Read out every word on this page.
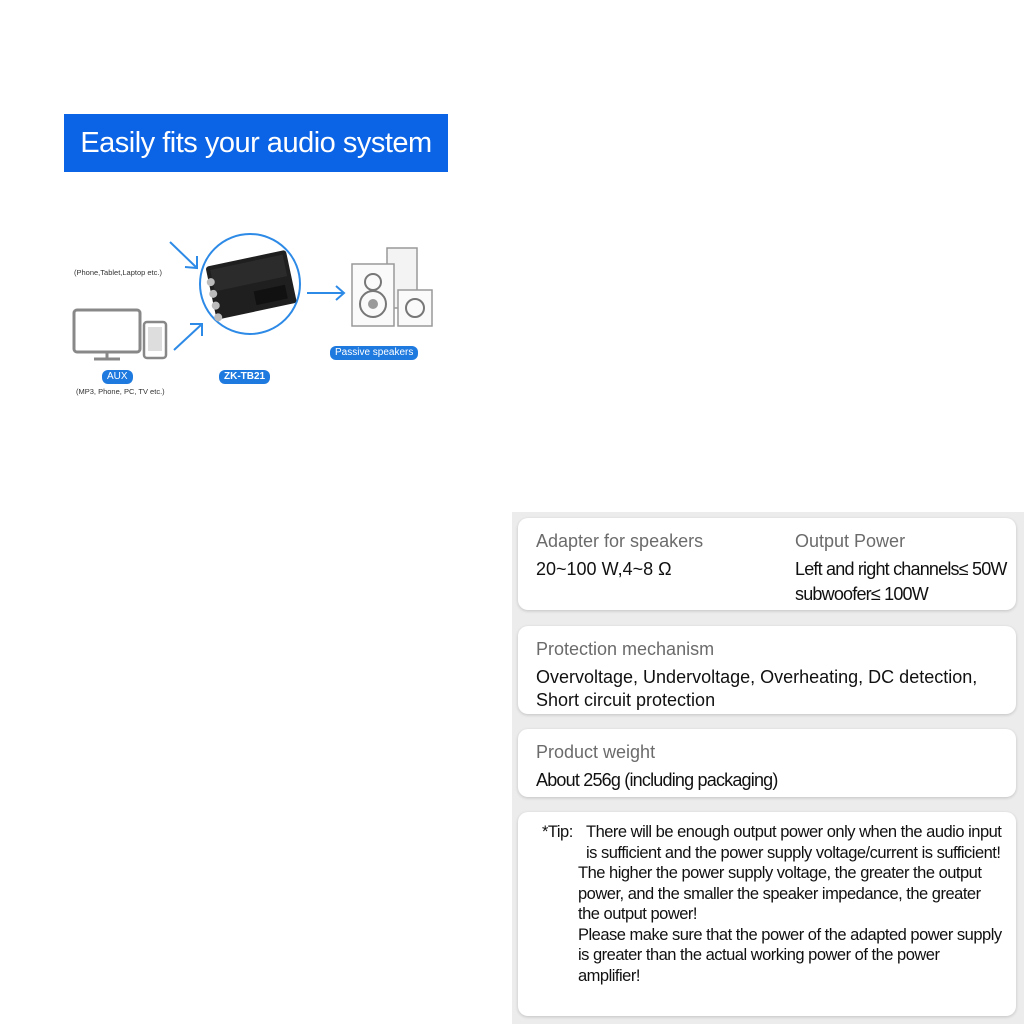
Easily fits your audio system
(Phone,Tablet,Laptop etc.)
AUX
(MP3, Phone, PC, TV etc.)
ZK-TB21
Passive speakers
Adapter for speakers
20~100 W,4~8 Ω
Output Power
Left and right channels≤ 50W
subwoofer≤ 100W
Protection mechanism
Overvoltage, Undervoltage, Overheating, DC detection,
Short circuit protection
Product weight
About 256g (including packaging)
*Tip: There will be enough output power only when the audio input is sufficient and the power supply voltage/current is sufficient!

The higher the power supply voltage, the greater the output power, and the smaller the speaker impedance, the greater the output power!

Please make sure that the power of the adapted power supply is greater than the actual working power of the power amplifier!
